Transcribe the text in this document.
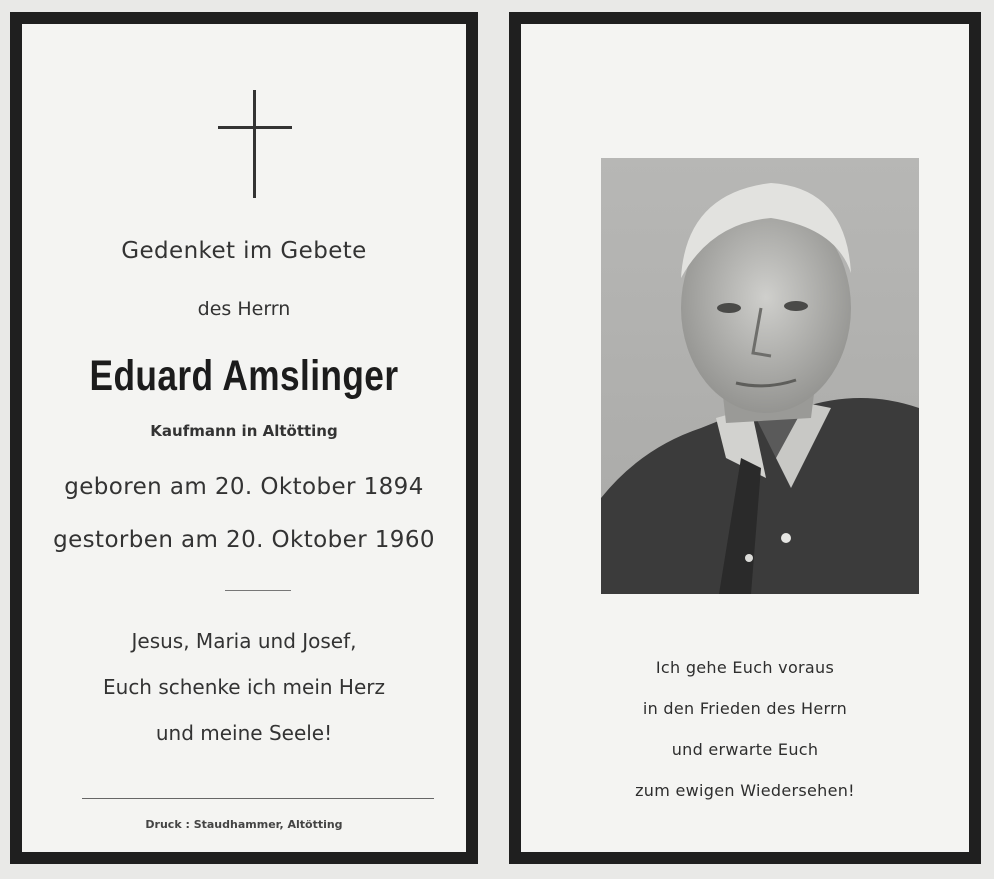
Gedenket im Gebete
des Herrn
Eduard Amslinger
Kaufmann in Altötting
geboren am 20. Oktober 1894
gestorben am 20. Oktober 1960
Jesus, Maria und Josef,
Euch schenke ich mein Herz
und meine Seele!
Druck : Staudhammer, Altötting
Ich gehe Euch voraus
in den Frieden des Herrn
und erwarte Euch
zum ewigen Wiedersehen!
